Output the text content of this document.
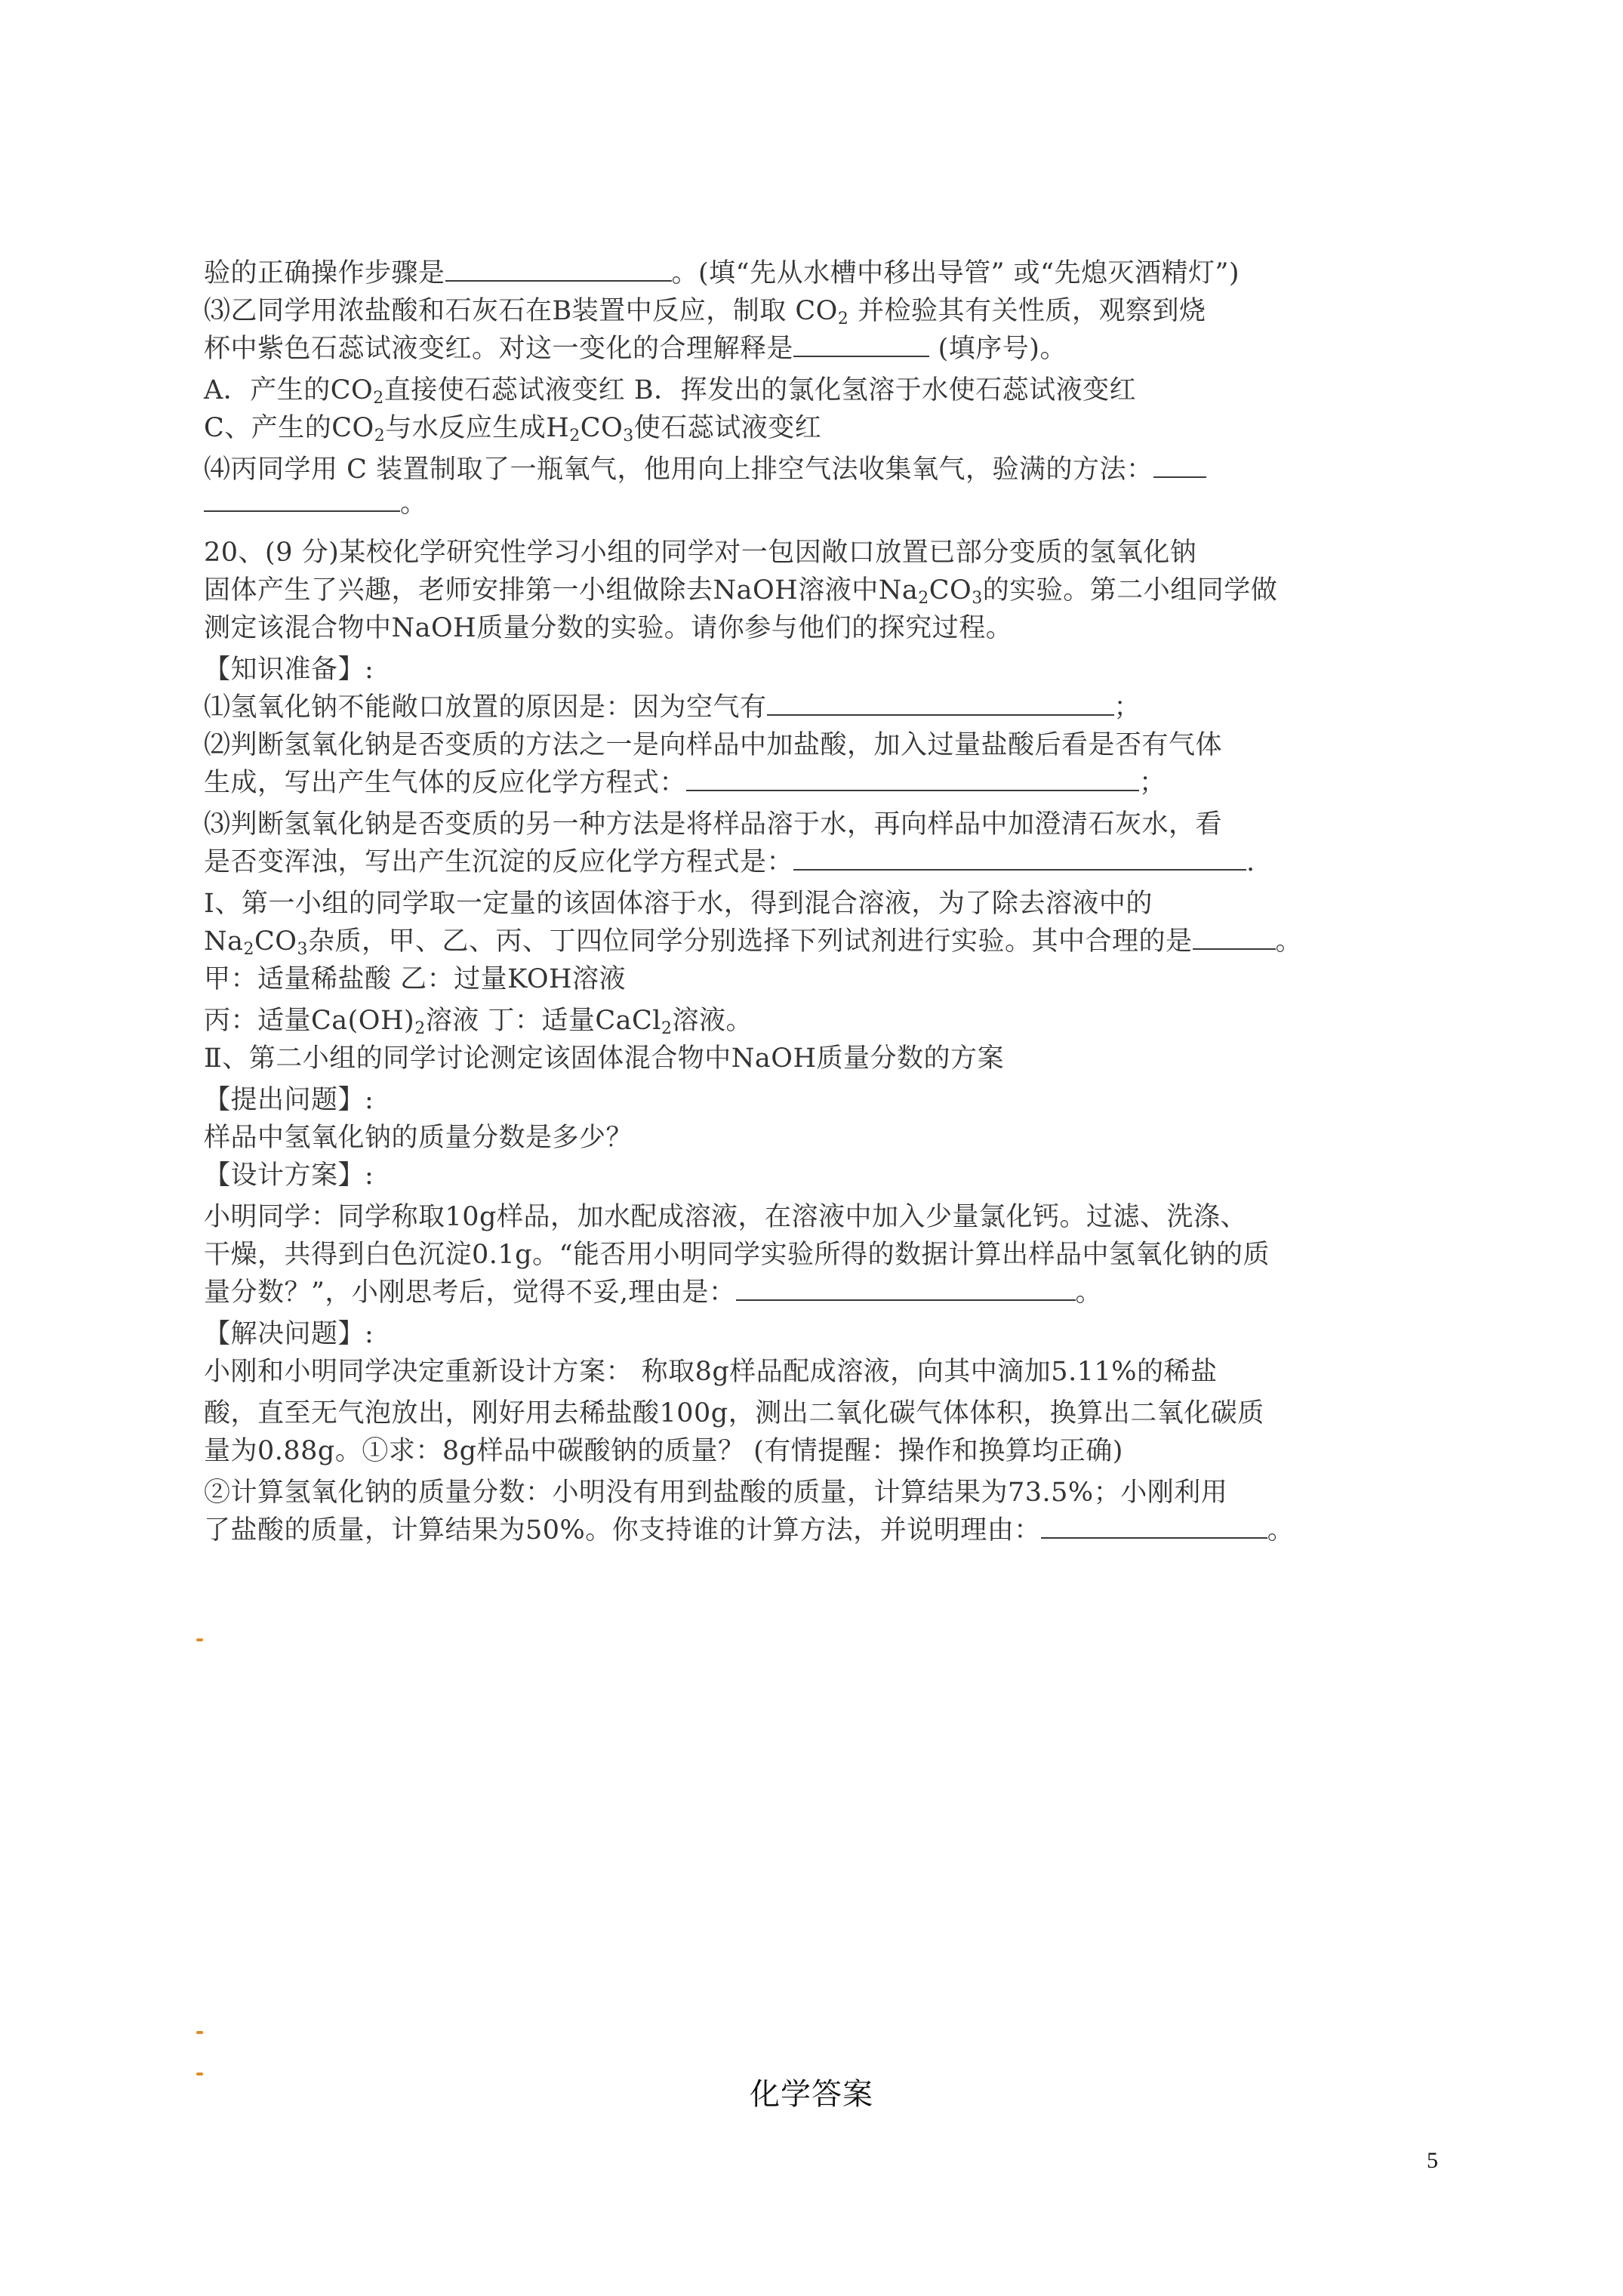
验的正确操作步骤是	。(填“先从水槽中移出导管” 或“先熄灭酒精灯”)
⑶乙同学用浓盐酸和石灰石在B装置中反应，制取 $CO_2$ 并检验其有关性质，观察到烧
杯中紫色石蕊试液变红。对这一变化的合理解释是	(填序号)。
A．产生的$CO_2$直接使石蕊试液变红 B．挥发出的氯化氢溶于水使石蕊试液变红
C、产生的$CO_2$与水反应生成$H_2CO_3$使石蕊试液变红
⑷丙同学用 C 装置制取了一瓶氧气，他用向上排空气法收集氧气，验满的方法：
。
20、(9 分)某校化学研究性学习小组的同学对一包因敞口放置已部分变质的氢氧化钠
固体产生了兴趣，老师安排第一小组做除去NaOH溶液中$Na_2CO_3$的实验。第二小组同学做
测定该混合物中NaOH质量分数的实验。请你参与他们的探究过程。
【知识准备】:
⑴氢氧化钠不能敞口放置的原因是：因为空气有	；
⑵判断氢氧化钠是否变质的方法之一是向样品中加盐酸，加入过量盐酸后看是否有气体
生成，写出产生气体的反应化学方程式：	；
⑶判断氢氧化钠是否变质的另一种方法是将样品溶于水，再向样品中加澄清石灰水，看
是否变浑浊，写出产生沉淀的反应化学方程式是：	.
Ⅰ、第一小组的同学取一定量的该固体溶于水，得到混合溶液，为了除去溶液中的
$Na_2CO_3$杂质，甲、乙、丙、丁四位同学分别选择下列试剂进行实验。其中合理的是	。
甲：适量稀盐酸 乙：过量KOH溶液
丙：适量$Ca(OH)_2$溶液 丁：适量CaCl$_2$溶液。
Ⅱ、第二小组的同学讨论测定该固体混合物中NaOH质量分数的方案
【提出问题】:
样品中氢氧化钠的质量分数是多少？
【设计方案】:
小明同学：同学称取10g样品，加水配成溶液，在溶液中加入少量氯化钙。过滤、洗涤、
干燥，共得到白色沉淀0.1g。“能否用小明同学实验所得的数据计算出样品中氢氧化钠的质
量分数？”，小刚思考后，觉得不妥,理由是：	。
【解决问题】:
小刚和小明同学决定重新设计方案： 称取8g样品配成溶液，向其中滴加5.11%的稀盐
酸，直至无气泡放出，刚好用去稀盐酸100g，测出二氧化碳气体体积，换算出二氧化碳质
量为0.88g。①求：8g样品中碳酸钠的质量？ (有情提醒：操作和换算均正确)
②计算氢氧化钠的质量分数：小明没有用到盐酸的质量，计算结果为73.5%；小刚利用
了盐酸的质量，计算结果为50%。你支持谁的计算方法，并说明理由：	。
化学答案
5
